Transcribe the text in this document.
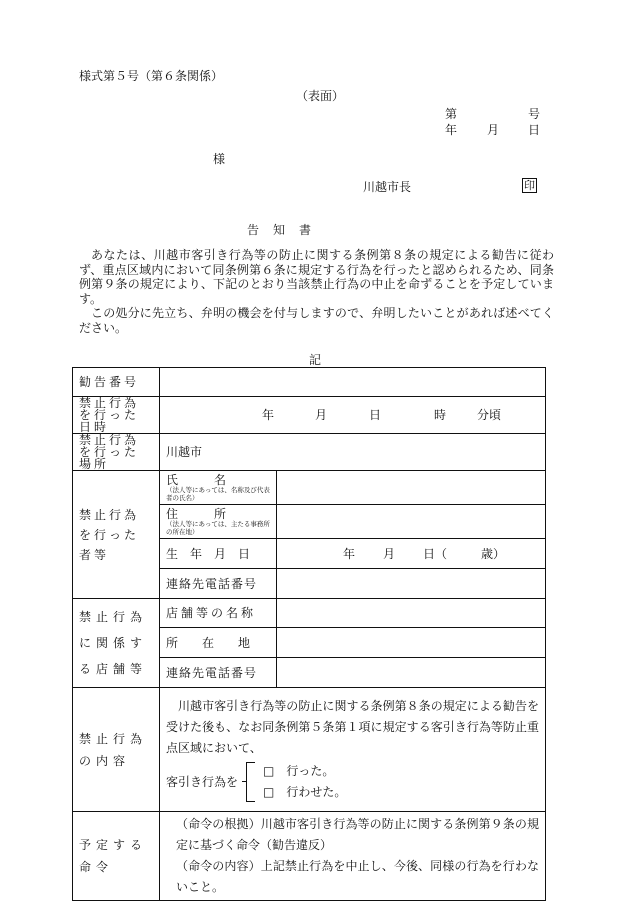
様式第５号（第６条関係）
（表面）
第	号
年 月 日
様
川越市長	印
告　知　書

あなたは、川越市客引き行為等の防止に関する条例第８条の規定による勧告に従わず、重点区域内において同条例第６条に規定する行為を行ったと認められるため、同条例第９条の規定により、下記のとおり当該禁止行為の中止を命ずることを予定しています。

この処分に先立ち、弁明の機会を付与しますので、弁明したいことがあれば述べてください。

記
勧告番号		
禁止行為を行った日時	年 月 日 時 分頃	

禁止行為を行った場所	川越市	
禁止行為を行った者等	氏　　　名
（法人等にあっては、名称及び代表者の氏名）	

	住　　　所
（法人等にあっては、主たる事務所の所在地）	

	生　年　月　日	年 月 日（ 歳）

	連絡先電話番号	
禁止行為に関係する店舗等	店舗等の名称	
	所　　在　　地	
	連絡先電話番号	
禁止行為の内容	川越市客引き行為等の防止に関する条例第８条の規定による勧告を受けた後も、なお同条例第５条第１項に規定する客引き行為等防止重点区域において、
客引き行為を
□　行った。
□　行わせた。	

予定する命令	（命令の根拠）川越市客引き行為等の防止に関する条例第９条の規定に基づく命令（勧告違反）
（命令の内容）上記禁止行為を中止し、今後、同様の行為を行わないこと。	
